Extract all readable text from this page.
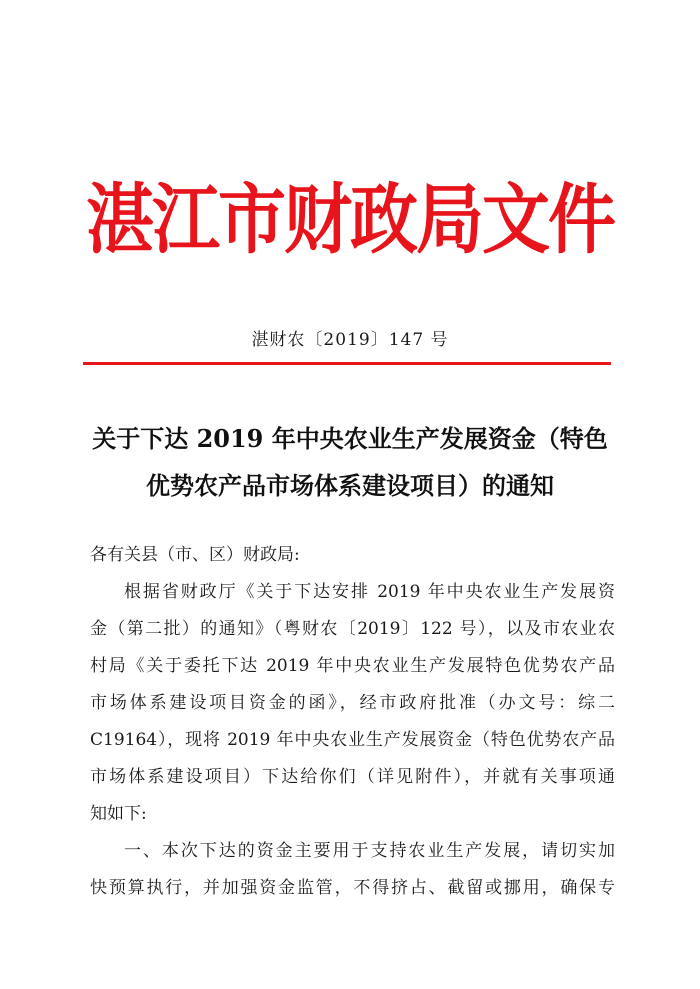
湛江市财政局文件
湛财农〔2019〕147 号
关于下达 2019 年中央农业生产发展资金（特色
优势农产品市场体系建设项目）的通知
各有关县（市、区）财政局:
根据省财政厅《关于下达安排 2019 年中央农业生产发展资
金（第二批）的通知》（粤财农〔2019〕122 号），以及市农业农
村局《关于委托下达 2019 年中央农业生产发展特色优势农产品
市场体系建设项目资金的函》，经市政府批准（办文号：综二
C19164），现将 2019 年中央农业生产发展资金（特色优势农产品
市场体系建设项目）下达给你们（详见附件），并就有关事项通
知如下:
一、本次下达的资金主要用于支持农业生产发展，请切实加
快预算执行，并加强资金监管，不得挤占、截留或挪用，确保专
